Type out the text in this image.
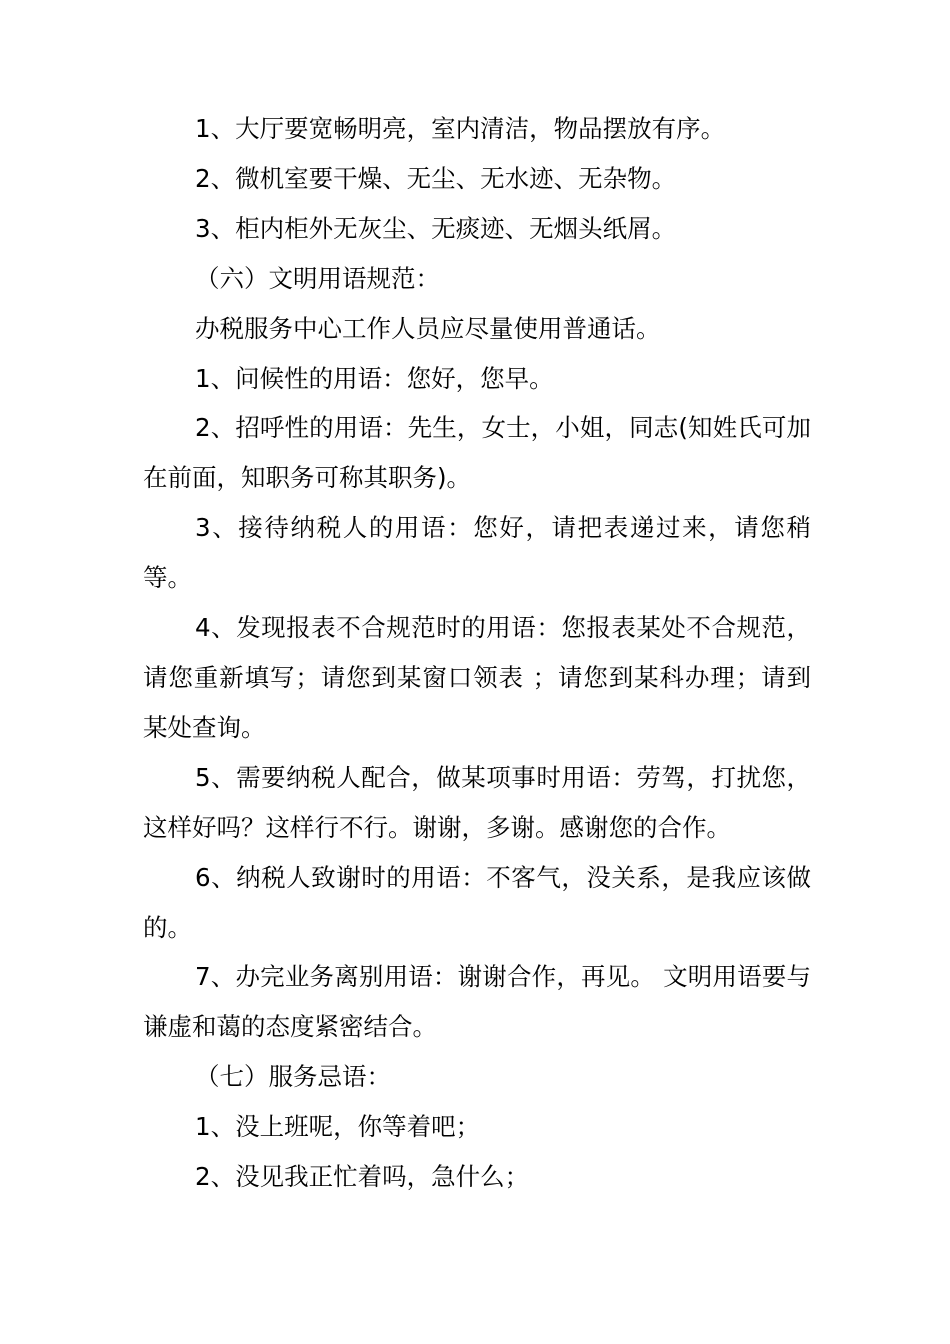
1、大厅要宽畅明亮，室内清洁，物品摆放有序。

2、微机室要干燥、无尘、无水迹、无杂物。

3、柜内柜外无灰尘、无痰迹、无烟头纸屑。

（六）文明用语规范：

办税服务中心工作人员应尽量使用普通话。

1、问候性的用语：您好，您早。

2、招呼性的用语：先生，女士，小姐，同志(知姓氏可加在前面，知职务可称其职务)。

3、接待纳税人的用语：您好，请把表递过来，请您稍等。

4、发现报表不合规范时的用语：您报表某处不合规范，请您重新填写；请您到某窗口领表 ；请您到某科办理；请到某处查询。

5、需要纳税人配合，做某项事时用语：劳驾，打扰您，这样好吗？这样行不行。谢谢，多谢。感谢您的合作。

6、纳税人致谢时的用语：不客气，没关系，是我应该做的。

7、办完业务离别用语：谢谢合作，再见。 文明用语要与谦虚和蔼的态度紧密结合。

（七）服务忌语：

1、没上班呢，你等着吧；

2、没见我正忙着吗，急什么；
